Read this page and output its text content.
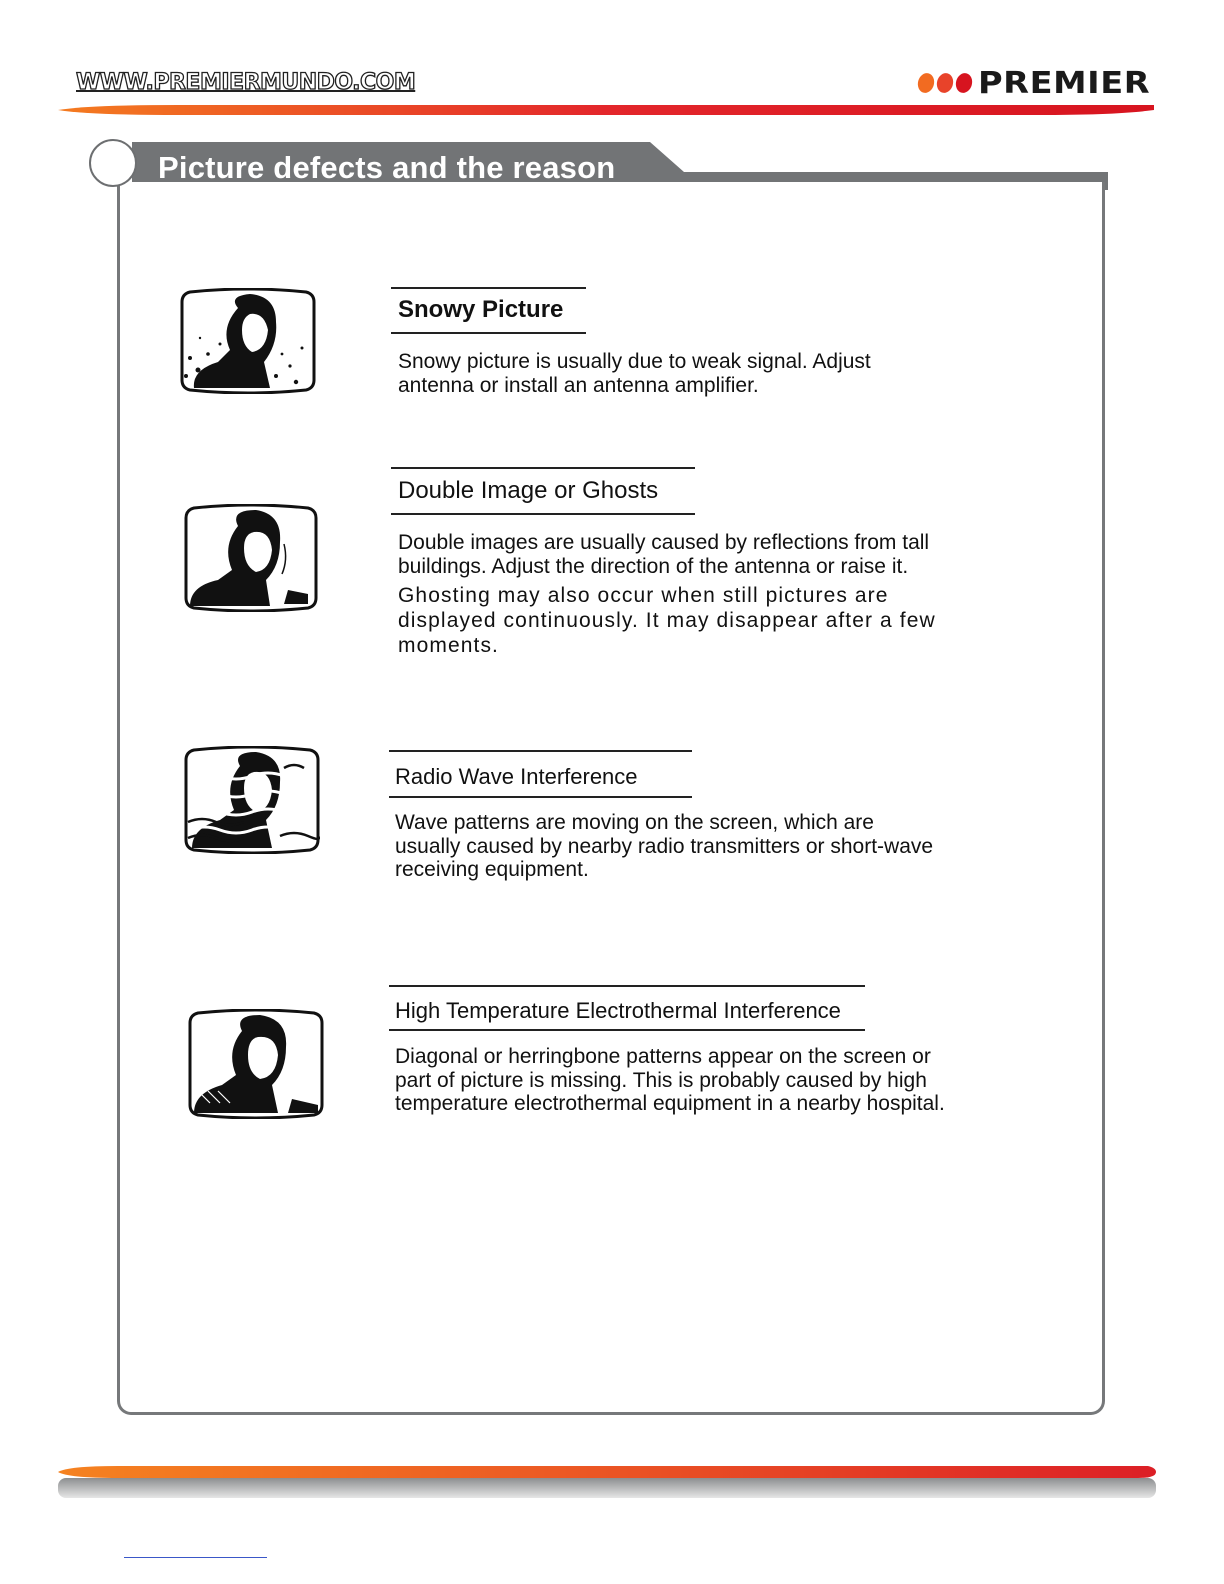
WWW.PREMIERMUNDO.COM	PREMIER
Picture defects and the reason
Snowy Picture

Snowy picture is usually due to weak signal. Adjust antenna or install an antenna amplifier.

Double Image or Ghosts

Double images are usually caused by reflections from tall buildings. Adjust the direction of the antenna or raise it.

Ghosting may also occur when still pictures are displayed continuously. It may disappear after a few moments.

Radio Wave Interference

Wave patterns are moving on the screen, which are usually caused by nearby radio transmitters or short-wave receiving equipment.

High Temperature Electrothermal Interference

Diagonal or herringbone patterns appear on the screen or part of picture is missing. This is probably caused by high temperature electrothermal equipment in a nearby hospital.
